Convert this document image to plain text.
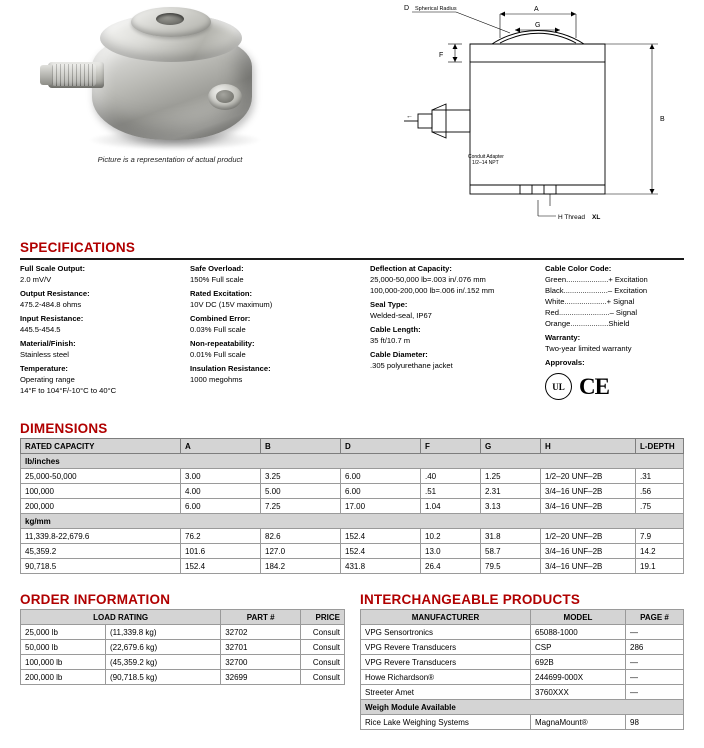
Picture is a representation of actual product
D Spherical Radius	A
G
F
B
←
Conduit Adapter
1/2–14 NPT
H Thread XL
SPECIFICATIONS
Full Scale Output:
2.0 mV/V
Output Resistance:
475.2-484.8 ohms
Input Resistance:
445.5-454.5
Material/Finish:
Stainless steel
Temperature:
Operating range
14°F to 104°F/-10°C to 40°C
Safe Overload:
150% Full scale
Rated Excitation:
10V DC (15V maximum)
Combined Error:
0.03% Full scale
Non-repeatability:
0.01% Full scale
Insulation Resistance:
1000 megohms
Deflection at Capacity:
25,000-50,000 lb=.003 in/.076 mm
100,000-200,000 lb=.006 in/.152 mm
Seal Type:
Welded-seal, IP67
Cable Length:
35 ft/10.7 m
Cable Diameter:
.305 polyurethane jacket
Cable Color Code:
Green .................... + Excitation
Black ..................... – Excitation
White .................... + Signal
Red ........................ – Signal
Orange .................. Shield
Warranty:
Two-year limited warranty
Approvals:
UL CE
DIMENSIONS
RATED CAPACITY	A	B	D	F	G	H	L-DEPTH
lb/inches							
25,000-50,000	3.00	3.25	6.00	.40	1.25	1/2–20 UNF–2B	.31
100,000	4.00	5.00	6.00	.51	2.31	3/4–16 UNF–2B	.56
200,000	6.00	7.25	17.00	1.04	3.13	3/4–16 UNF–2B	.75
kg/mm							
11,339.8-22,679.6	76.2	82.6	152.4	10.2	31.8	1/2–20 UNF–2B	7.9
45,359.2	101.6	127.0	152.4	13.0	58.7	3/4–16 UNF–2B	14.2
90,718.5	152.4	184.2	431.8	26.4	79.5	3/4–16 UNF–2B	19.1
ORDER INFORMATION
LOAD RATING		PART #	PRICE
25,000 lb	(11,339.8 kg)	32702	Consult
50,000 lb	(22,679.6 kg)	32701	Consult
100,000 lb	(45,359.2 kg)	32700	Consult
200,000 lb	(90,718.5 kg)	32699	Consult
INTERCHANGEABLE PRODUCTS
MANUFACTURER	MODEL	PAGE #
VPG Sensortronics	65088-1000	—
VPG Revere Transducers	CSP	286
VPG Revere Transducers	692B	—
Howe Richardson®	244699-000X	—
Streeter Amet	3760XXX	—
Weigh Module Available		
Rice Lake Weighing Systems	MagnaMount®	98
